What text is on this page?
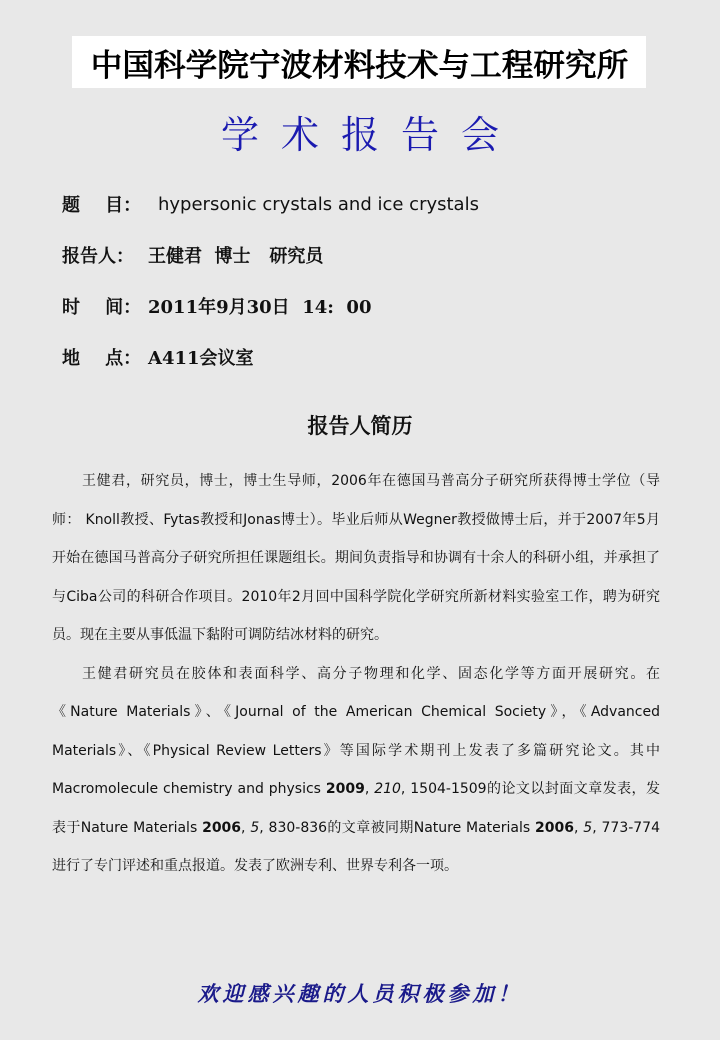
中国科学院宁波材料技术与工程研究所
学术报告会
题    目： hypersonic crystals and ice crystals
报告人： 王健君  博士   研究员
时    间： 2011年9月30日  14:  00
地    点： A411会议室
报告人简历

王健君，研究员，博士，博士生导师，2006年在德国马普高分子研究所获得博士学位（导师： Knoll教授、Fytas教授和Jonas博士）。毕业后师从Wegner教授做博士后，并于2007年5月开始在德国马普高分子研究所担任课题组长。期间负责指导和协调有十余人的科研小组，并承担了与Ciba公司的科研合作项目。2010年2月回中国科学院化学研究所新材料实验室工作，聘为研究员。现在主要从事低温下黏附可调防结冰材料的研究。

王健君研究员在胶体和表面科学、高分子物理和化学、固态化学等方面开展研究。在《Nature Materials》、《Journal of the American Chemical Society》，《Advanced Materials》、《Physical Review Letters》等国际学术期刊上发表了多篇研究论文。其中Macromolecule chemistry and physics 2009, 210, 1504-1509的论文以封面文章发表，发表于Nature Materials 2006, 5, 830-836的文章被同期Nature Materials 2006, 5, 773-774进行了专门评述和重点报道。发表了欧洲专利、世界专利各一项。

欢迎感兴趣的人员积极参加！
